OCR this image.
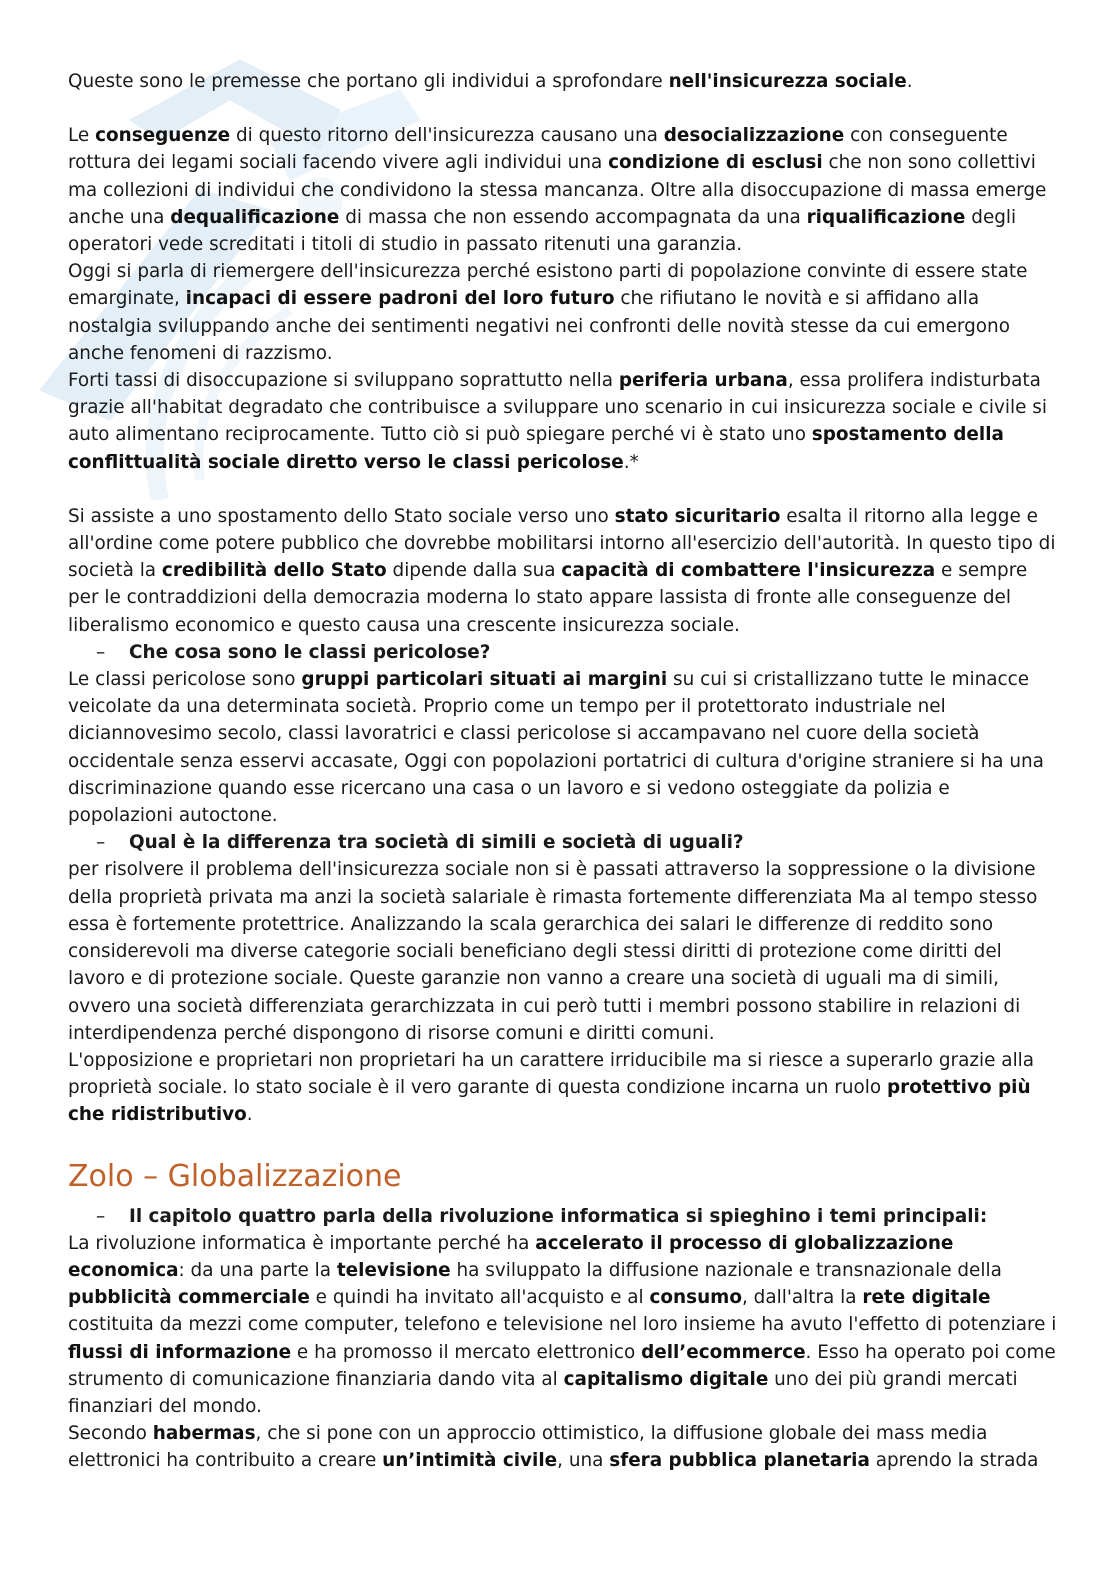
Queste sono le premesse che portano gli individui a sprofondare nell'insicurezza sociale.

Le conseguenze di questo ritorno dell'insicurezza causano una desocializzazione con conseguente rottura dei legami sociali facendo vivere agli individui una condizione di esclusi che non sono collettivi ma collezioni di individui che condividono la stessa mancanza. Oltre alla disoccupazione di massa emerge anche una dequalificazione di massa che non essendo accompagnata da una riqualificazione degli operatori vede screditati i titoli di studio in passato ritenuti una garanzia.

Oggi si parla di riemergere dell'insicurezza perché esistono parti di popolazione convinte di essere state emarginate, incapaci di essere padroni del loro futuro che rifiutano le novità e si affidano alla nostalgia sviluppando anche dei sentimenti negativi nei confronti delle novità stesse da cui emergono anche fenomeni di razzismo.

Forti tassi di disoccupazione si sviluppano soprattutto nella periferia urbana, essa prolifera indisturbata grazie all'habitat degradato che contribuisce a sviluppare uno scenario in cui insicurezza sociale e civile si auto alimentano reciprocamente. Tutto ciò si può spiegare perché vi è stato uno spostamento della conflittualità sociale diretto verso le classi pericolose.*

Si assiste a uno spostamento dello Stato sociale verso uno stato sicuritario esalta il ritorno alla legge e all'ordine come potere pubblico che dovrebbe mobilitarsi intorno all'esercizio dell'autorità. In questo tipo di società la credibilità dello Stato dipende dalla sua capacità di combattere l'insicurezza e sempre per le contraddizioni della democrazia moderna lo stato appare lassista di fronte alle conseguenze del liberalismo economico e questo causa una crescente insicurezza sociale.

– Che cosa sono le classi pericolose?

Le classi pericolose sono gruppi particolari situati ai margini su cui si cristallizzano tutte le minacce veicolate da una determinata società. Proprio come un tempo per il protettorato industriale nel diciannovesimo secolo, classi lavoratrici e classi pericolose si accampavano nel cuore della società occidentale senza esservi accasate, Oggi con popolazioni portatrici di cultura d'origine straniere si ha una discriminazione quando esse ricercano una casa o un lavoro e si vedono osteggiate da polizia e popolazioni autoctone.

– Qual è la differenza tra società di simili e società di uguali?

per risolvere il problema dell'insicurezza sociale non si è passati attraverso la soppressione o la divisione della proprietà privata ma anzi la società salariale è rimasta fortemente differenziata Ma al tempo stesso essa è fortemente protettrice. Analizzando la scala gerarchica dei salari le differenze di reddito sono considerevoli ma diverse categorie sociali beneficiano degli stessi diritti di protezione come diritti del lavoro e di protezione sociale. Queste garanzie non vanno a creare una società di uguali ma di simili, ovvero una società differenziata gerarchizzata in cui però tutti i membri possono stabilire in relazioni di interdipendenza perché dispongono di risorse comuni e diritti comuni.

L'opposizione e proprietari non proprietari ha un carattere irriducibile ma si riesce a superarlo grazie alla proprietà sociale. lo stato sociale è il vero garante di questa condizione incarna un ruolo protettivo più che ridistributivo.

Zolo – Globalizzazione

– Il capitolo quattro parla della rivoluzione informatica si spieghino i temi principali:

La rivoluzione informatica è importante perché ha accelerato il processo di globalizzazione economica: da una parte la televisione ha sviluppato la diffusione nazionale e transnazionale della pubblicità commerciale e quindi ha invitato all'acquisto e al consumo, dall'altra la rete digitale costituita da mezzi come computer, telefono e televisione nel loro insieme ha avuto l'effetto di potenziare i flussi di informazione e ha promosso il mercato elettronico dell’ecommerce. Esso ha operato poi come strumento di comunicazione finanziaria dando vita al capitalismo digitale uno dei più grandi mercati finanziari del mondo.

Secondo habermas, che si pone con un approccio ottimistico, la diffusione globale dei mass media elettronici ha contribuito a creare un’intimità civile, una sfera pubblica planetaria aprendo la strada
